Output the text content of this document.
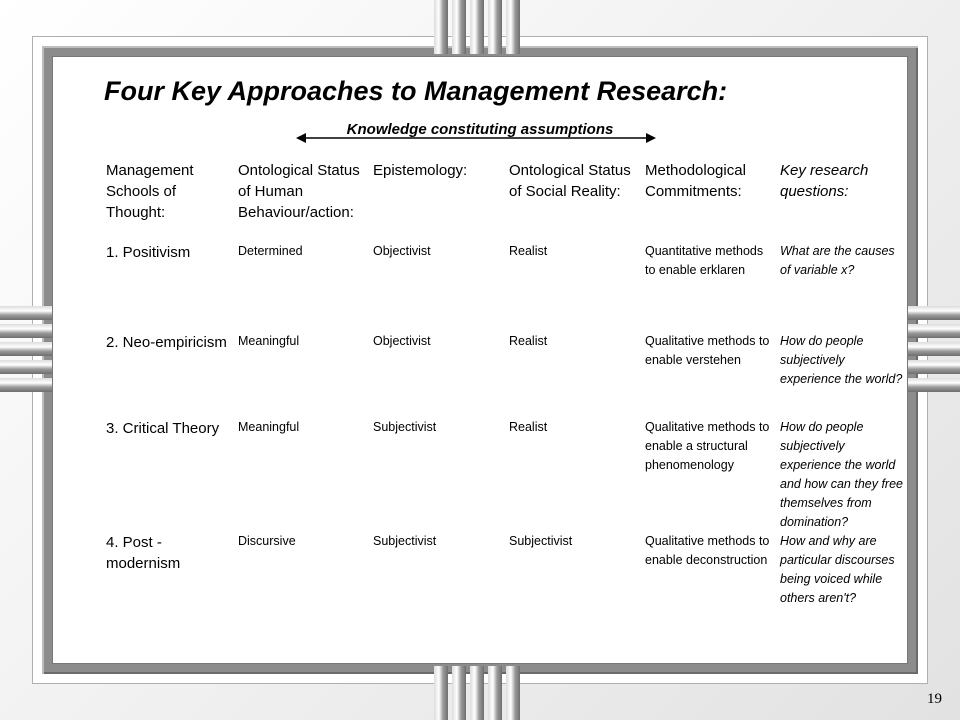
Four Key Approaches to Management Research:
Knowledge constituting assumptions
Management Schools of Thought:	Ontological Status of Human Behaviour/action:	Epistemology:	Ontological Status of Social Reality:	Methodological Commitments:	Key research questions:
1. Positivism	Determined	Objectivist	Realist	Quantitative methods to enable erklaren	What are the causes of variable x?
2. Neo-empiricism	Meaningful	Objectivist	Realist	Qualitative methods to enable verstehen	How do people subjectively experience the world?
3. Critical Theory	Meaningful	Subjectivist	Realist	Qualitative methods to enable a structural phenomenology	How do people subjectively experience the world and how can they free themselves from domination?
4. Post -modernism	Discursive	Subjectivist	Subjectivist	Qualitative methods to enable deconstruction	How and why are particular discourses being voiced while others aren't?
19
